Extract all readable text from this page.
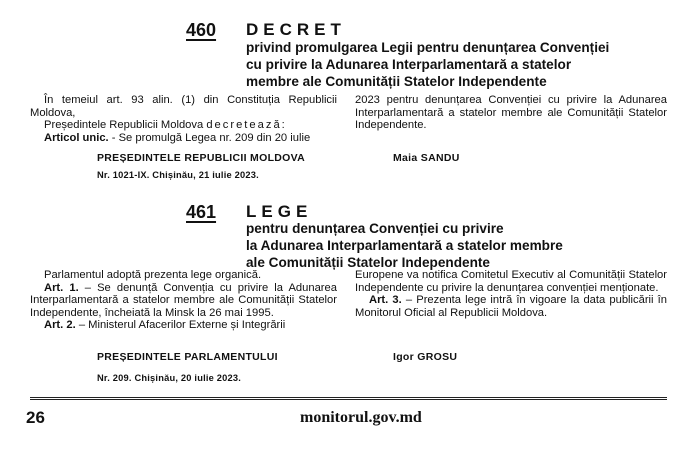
460 DECRET
privind promulgarea Legii pentru denunțarea Convenției
cu privire la Adunarea Interparlamentară a statelor
membre ale Comunității Statelor Independente

În temeiul art. 93 alin. (1) din Constituția Republicii Moldova,

Președintele Republicii Moldova decretează:

Articol unic. - Se promulgă Legea nr. 209 din 20 iulie

2023 pentru denunțarea Convenției cu privire la Adunarea Interparlamentară a statelor membre ale Comunității Statelor Independente.

PREȘEDINTELE REPUBLICII MOLDOVA	Maia SANDU
Nr. 1021-IX. Chișinău, 21 iulie 2023.
461 LEGE
pentru denunțarea Convenției cu privire
la Adunarea Interparlamentară a statelor membre
ale Comunității Statelor Independente

Parlamentul adoptă prezenta lege organică.

Art. 1. – Se denunță Convenția cu privire la Adunarea Interparlamentară a statelor membre ale Comunității Statelor Independente, încheiată la Minsk la 26 mai 1995.

Art. 2. – Ministerul Afacerilor Externe și Integrării

Europene va notifica Comitetul Executiv al Comunității Statelor Independente cu privire la denunțarea convenției menționate.

Art. 3. – Prezenta lege intră în vigoare la data publicării în Monitorul Oficial al Republicii Moldova.

PREȘEDINTELE PARLAMENTULUI	Igor GROSU
Nr. 209. Chișinău, 20 iulie 2023.
26	monitorul.gov.md
